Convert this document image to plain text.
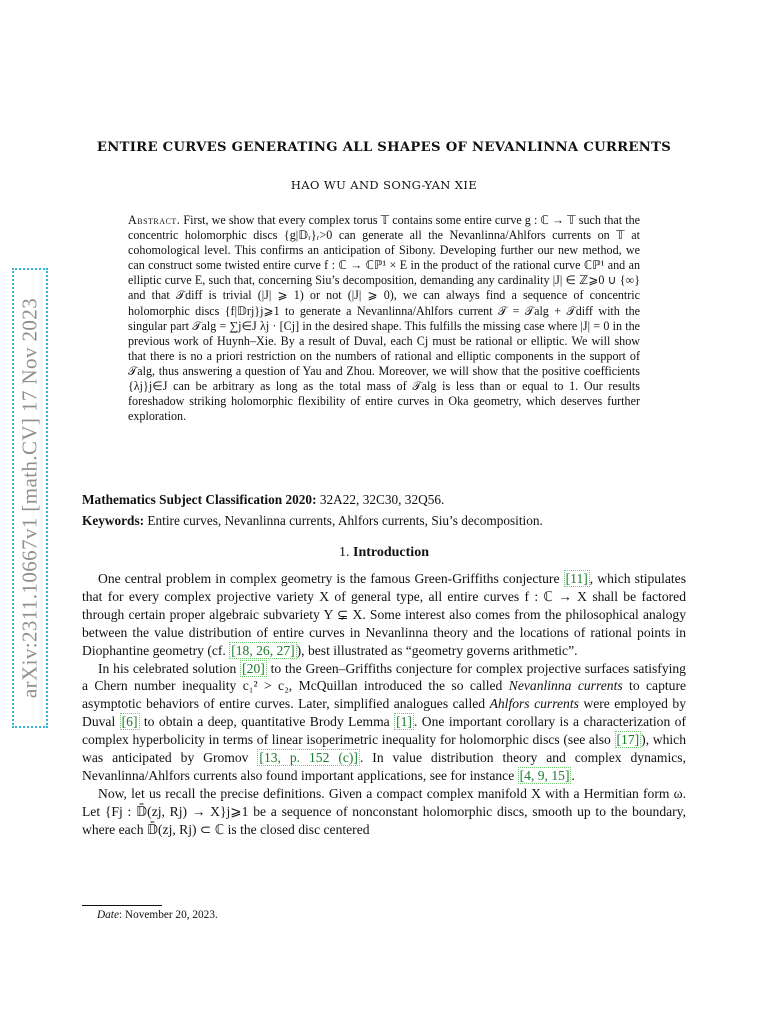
arXiv:2311.10667v1 [math.CV] 17 Nov 2023
ENTIRE CURVES GENERATING ALL SHAPES OF NEVANLINNA CURRENTS
HAO WU AND SONG-YAN XIE
Abstract. First, we show that every complex torus 𝕋 contains some entire curve g : ℂ → 𝕋 such that the concentric holomorphic discs {g|𝔻ᵣ}ᵣ>0 can generate all the Nevanlinna/Ahlfors currents on 𝕋 at cohomological level. This confirms an anticipation of Sibony. Developing further our new method, we can construct some twisted entire curve f : ℂ → ℂℙ¹ × E in the product of the rational curve ℂℙ¹ and an elliptic curve E, such that, concerning Siu’s decomposition, demanding any cardinality |J| ∈ ℤ⩾0 ∪ {∞} and that 𝒯diff is trivial (|J| ⩾ 1) or not (|J| ⩾ 0), we can always find a sequence of concentric holomorphic discs {f|𝔻rj}j⩾1 to generate a Nevanlinna/Ahlfors current 𝒯 = 𝒯alg + 𝒯diff with the singular part 𝒯alg = ∑j∈J λj · [Cj] in the desired shape. This fulfills the missing case where |J| = 0 in the previous work of Huynh–Xie. By a result of Duval, each Cj must be rational or elliptic. We will show that there is no a priori restriction on the numbers of rational and elliptic components in the support of 𝒯alg, thus answering a question of Yau and Zhou. Moreover, we will show that the positive coefficients {λj}j∈J can be arbitrary as long as the total mass of 𝒯alg is less than or equal to 1. Our results foreshadow striking holomorphic flexibility of entire curves in Oka geometry, which deserves further exploration.
Mathematics Subject Classification 2020: 32A22, 32C30, 32Q56.
Keywords: Entire curves, Nevanlinna currents, Ahlfors currents, Siu’s decomposition.
1. Introduction

One central problem in complex geometry is the famous Green-Griffiths conjecture [11] , which stipulates that for every complex projective variety X of general type, all entire curves f : ℂ → X shall be factored through certain proper algebraic subvariety Y ⊊ X. Some interest also comes from the philosophical analogy between the value distribution of entire curves in Nevanlinna theory and the locations of rational points in Diophantine geometry (cf. [18, 26, 27] ), best illustrated as “geometry governs arithmetic”.

In his celebrated solution [20] to the Green–Griffiths conjecture for complex projective surfaces satisfying a Chern number inequality c₁² > c₂, McQuillan introduced the so called Nevanlinna currents to capture asymptotic behaviors of entire curves. Later, simplified analogues called Ahlfors currents were employed by Duval [6] to obtain a deep, quantitative Brody Lemma [1] . One important corollary is a characterization of complex hyperbolicity in terms of linear isoperimetric inequality for holomorphic discs (see also [17] ), which was anticipated by Gromov [13, p. 152 (c)] . In value distribution theory and complex dynamics, Nevanlinna/Ahlfors currents also found important applications, see for instance [4, 9, 15] .

Now, let us recall the precise definitions. Given a compact complex manifold X with a Hermitian form ω. Let {Fj : 𝔻̄(zj, Rj) → X}j⩾1 be a sequence of nonconstant holomorphic discs, smooth up to the boundary, where each 𝔻̄(zj, Rj) ⊂ ℂ is the closed disc centered

Date: November 20, 2023.
